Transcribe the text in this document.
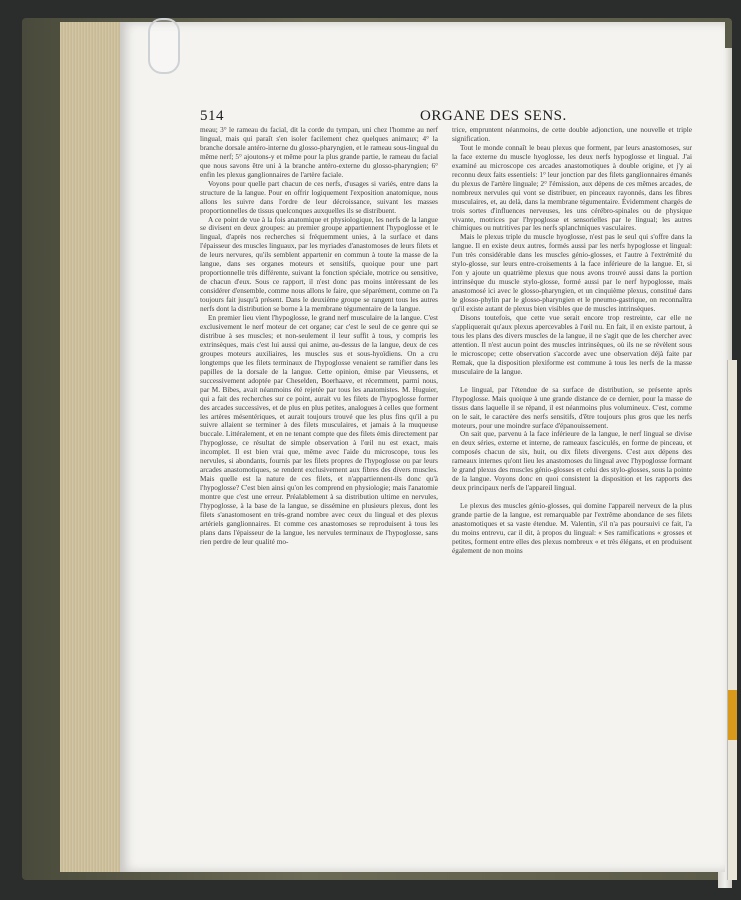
514	ORGANE DES SENS.

meau; 3° le rameau du facial, dit la corde du tympan, uni chez l'homme au nerf lingual, mais qui paraît s'en isoler facilement chez quelques animaux; 4° la branche dorsale antéro-interne du glosso-pharyngien, et le rameau sous-lingual du même nerf; 5° ajoutons-y et même pour la plus grande partie, le rameau du facial que nous savons être uni à la branche antéro-externe du glosso-pharyngien; 6° enfin les plexus ganglionnaires de l'artère faciale.

Voyons pour quelle part chacun de ces nerfs, d'usages si variés, entre dans la structure de la langue. Pour en offrir logiquement l'exposition anatomique, nous allons les suivre dans l'ordre de leur décroissance, suivant les masses proportionnelles de tissus quelconques auxquelles ils se distribuent.

A ce point de vue à la fois anatomique et physiologique, les nerfs de la langue se divisent en deux groupes: au premier groupe appartiennent l'hypoglosse et le lingual, d'après nos recherches si fréquemment unies, à la surface et dans l'épaisseur des muscles linguaux, par les myriades d'anastomoses de leurs filets et de leurs nervures, qu'ils semblent appartenir en commun à toute la masse de la langue, dans ses organes moteurs et sensitifs, quoique pour une part proportionnelle très différente, suivant la fonction spéciale, motrice ou sensitive, de chacun d'eux. Sous ce rapport, il n'est donc pas moins intéressant de les considérer d'ensemble, comme nous allons le faire, que séparément, comme on l'a toujours fait jusqu'à présent. Dans le deuxième groupe se rangent tous les autres nerfs dont la distribution se borne à la membrane tégumentaire de la langue.

En premier lieu vient l'hypoglosse, le grand nerf musculaire de la langue. C'est exclusivement le nerf moteur de cet organe; car c'est le seul de ce genre qui se distribue à ses muscles; et non-seulement il leur suffit à tous, y compris les extrinsèques, mais c'est lui aussi qui anime, au-dessus de la langue, deux de ces groupes moteurs auxiliaires, les muscles sus et sous-hyoïdiens. On a cru longtemps que les filets terminaux de l'hypoglosse venaient se ramifier dans les papilles de la dorsale de la langue. Cette opinion, émise par Vieussens, et successivement adoptée par Cheselden, Boerhaave, et récemment, parmi nous, par M. Bibes, avait néanmoins été rejetée par tous les anatomistes. M. Huguier, qui a fait des recherches sur ce point, aurait vu les filets de l'hypoglosse former des arcades successives, et de plus en plus petites, analogues à celles que forment les artères mésentériques, et aurait toujours trouvé que les plus fins qu'il a pu suivre allaient se terminer à des filets musculaires, et jamais à la muqueuse buccale. Littéralement, et en ne tenant compte que des filets émis directement par l'hypoglosse, ce résultat de simple observation à l'œil nu est exact, mais incomplet. Il est bien vrai que, même avec l'aide du microscope, tous les nervules, si abondants, fournis par les filets propres de l'hypoglosse ou par leurs arcades anastomotiques, se rendent exclusivement aux fibres des divers muscles. Mais quelle est la nature de ces filets, et n'appartiennent-ils donc qu'à l'hypoglosse? C'est bien ainsi qu'on les comprend en physiologie; mais l'anatomie montre que c'est une erreur. Préalablement à sa distribution ultime en nervules, l'hypoglosse, à la base de la langue, se dissémine en plusieurs plexus, dont les filets s'anastomosent en très-grand nombre avec ceux du lingual et des plexus artériels ganglionnaires. Et comme ces anastomoses se reproduisent à tous les plans dans l'épaisseur de la langue, les nervules terminaux de l'hypoglosse, sans rien perdre de leur qualité mo-

trice, empruntent néanmoins, de cette double adjonction, une nouvelle et triple signification.

Tout le monde connaît le beau plexus que forment, par leurs anastomoses, sur la face externe du muscle hyoglosse, les deux nerfs hypoglosse et lingual. J'ai examiné au microscope ces arcades anastomotiques à double origine, et j'y ai reconnu deux faits essentiels: 1° leur jonction par des filets ganglionnaires émanés du plexus de l'artère linguale; 2° l'émission, aux dépens de ces mêmes arcades, de nombreux nervules qui vont se distribuer, en pinceaux rayonnés, dans les fibres musculaires, et, au delà, dans la membrane tégumentaire. Évidemment chargés de trois sortes d'influences nerveuses, les uns cérébro-spinales ou de physique vivante, motrices par l'hypoglosse et sensorielles par le lingual; les autres chimiques ou nutritives par les nerfs splanchniques vasculaires.

Mais le plexus triple du muscle hyoglosse, n'est pas le seul qui s'offre dans la langue. Il en existe deux autres, formés aussi par les nerfs hypoglosse et lingual: l'un très considérable dans les muscles génio-glosses, et l'autre à l'extrémité du stylo-glosse, sur leurs entre-croisements à la face inférieure de la langue. Et, si l'on y ajoute un quatrième plexus que nous avons trouvé aussi dans la portion intrinsèque du muscle stylo-glosse, formé aussi par le nerf hypoglosse, mais anastomosé ici avec le glosso-pharyngien, et un cinquième plexus, constitué dans le glosso-phylin par le glosso-pharyngien et le pneumo-gastrique, on reconnaîtra qu'il existe autant de plexus bien visibles que de muscles intrinsèques.

Disons toutefois, que cette vue serait encore trop restreinte, car elle ne s'appliquerait qu'aux plexus apercevables à l'œil nu. En fait, il en existe partout, à tous les plans des divers muscles de la langue, il ne s'agit que de les chercher avec attention. Il n'est aucun point des muscles intrinsèques, où ils ne se révèlent sous le microscope; cette observation s'accorde avec une observation déjà faite par Remak, que la disposition plexiforme est commune à tous les nerfs de la masse musculaire de la langue.

Le lingual, par l'étendue de sa surface de distribution, se présente après l'hypoglosse. Mais quoique à une grande distance de ce dernier, pour la masse de tissus dans laquelle il se répand, il est néanmoins plus volumineux. C'est, comme on le sait, le caractère des nerfs sensitifs, d'être toujours plus gros que les nerfs moteurs, pour une moindre surface d'épanouissement.

On sait que, parvenu à la face inférieure de la langue, le nerf lingual se divise en deux séries, externe et interne, de rameaux fasciculés, en forme de pinceau, et composés chacun de six, huit, ou dix filets divergens. C'est aux dépens des rameaux internes qu'ont lieu les anastomoses du lingual avec l'hypoglosse formant le grand plexus des muscles génio-glosses et celui des stylo-glosses, sous la pointe de la langue. Voyons donc en quoi consistent la disposition et les rapports des deux principaux nerfs de l'appareil lingual.

Le plexus des muscles génio-glosses, qui domine l'appareil nerveux de la plus grande partie de la langue, est remarquable par l'extrême abondance de ses filets anastomotiques et sa vaste étendue. M. Valentin, s'il n'a pas poursuivi ce fait, l'a du moins entrevu, car il dit, à propos du lingual: « Ses ramifications « grosses et petites, forment entre elles des plexus nombreux « et très élégans, et en produisent également de non moins
